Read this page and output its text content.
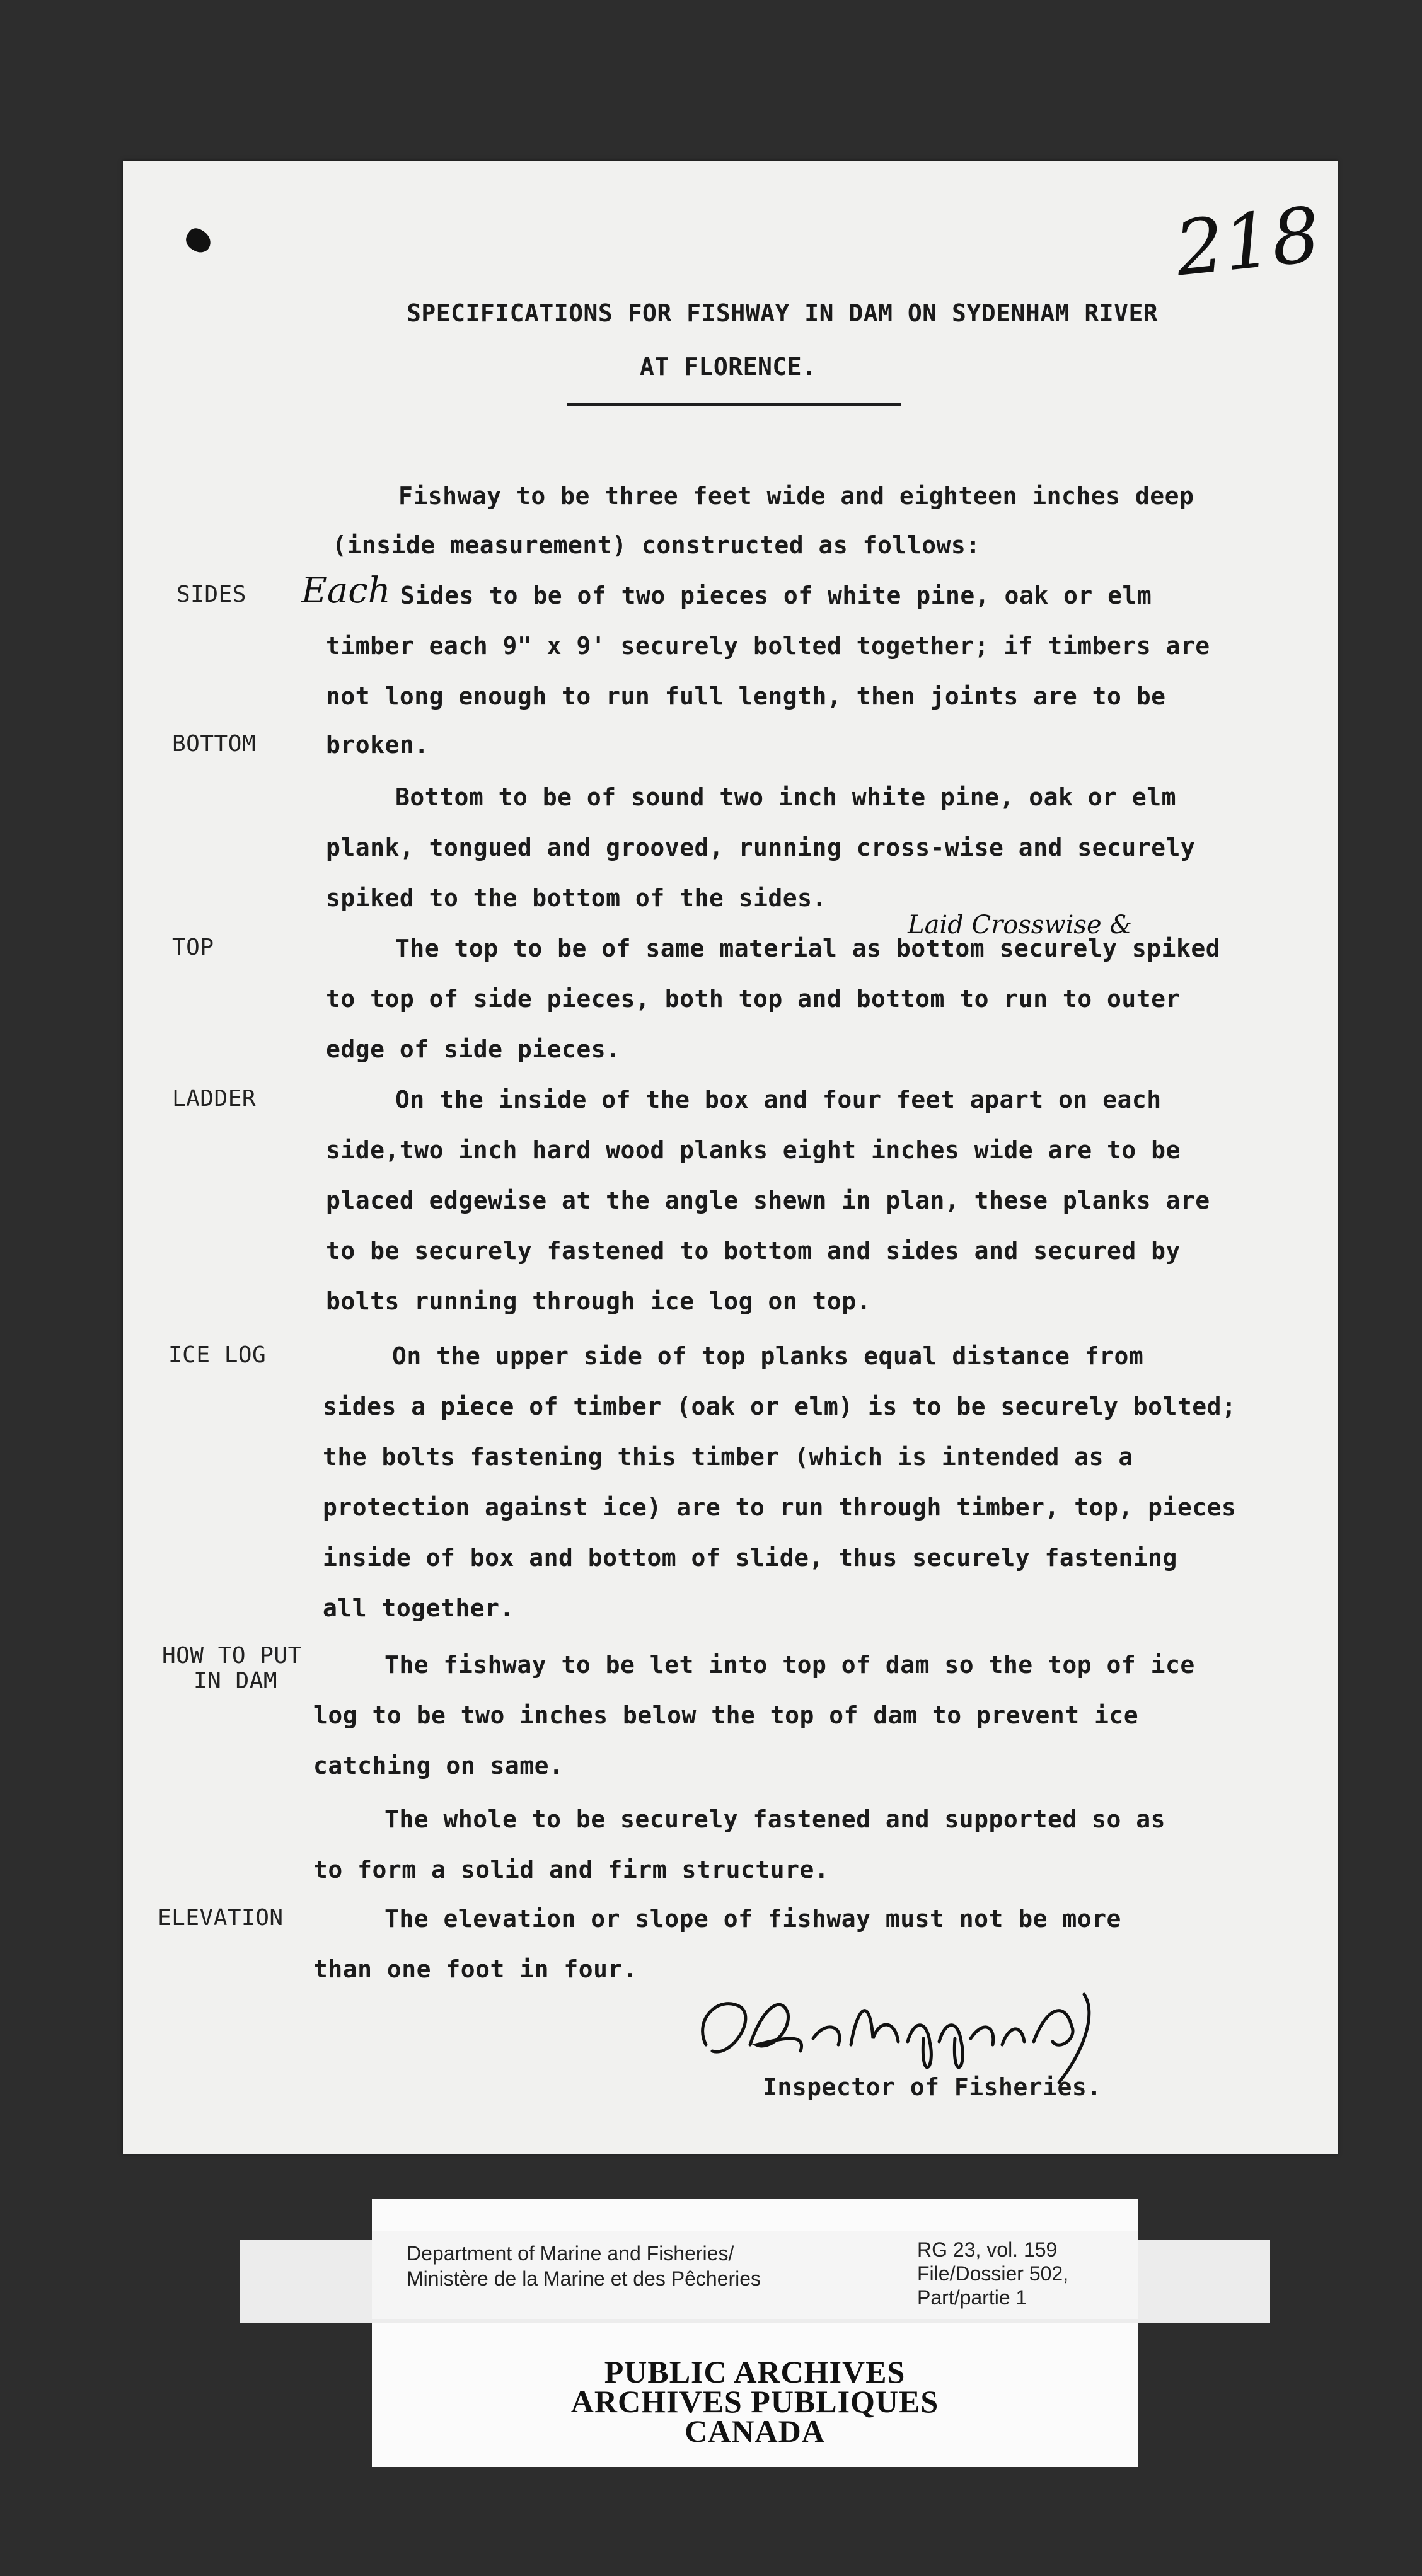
218
SPECIFICATIONS FOR FISHWAY IN DAM ON SYDENHAM RIVER
AT FLORENCE.
Fishway to be three feet wide and eighteen inches deep
(inside measurement) constructed as follows:
SIDES Each Sides to be of two pieces of white pine, oak or elm
timber each 9" x 9' securely bolted together; if timbers are
not long enough to run full length, then joints are to be
BOTTOM	broken.
Bottom to be of sound two inch white pine, oak or elm
plank, tongued and grooved, running cross-wise and securely
spiked to the bottom of the sides.
Laid Crosswise &
TOP	The top to be of same material as bottom securely spiked
to top of side pieces, both top and bottom to run to outer
edge of side pieces.
LADDER	On the inside of the box and four feet apart on each
side,two inch hard wood planks eight inches wide are to be
placed edgewise at the angle shewn in plan, these planks are
to be securely fastened to bottom and sides and secured by
bolts running through ice log on top.
ICE LOG	On the upper side of top planks equal distance from
sides a piece of timber (oak or elm) is to be securely bolted;
the bolts fastening this timber (which is intended as a
protection against ice) are to run through timber, top, pieces
inside of box and bottom of slide, thus securely fastening
all together.
HOW TO PUT
IN DAM
The fishway to be let into top of dam so the top of ice
log to be two inches below the top of dam to prevent ice
catching on same.
The whole to be securely fastened and supported so as
to form a solid and firm structure.
ELEVATION	The elevation or slope of fishway must not be more
than one foot in four.
Inspector of Fisheries.
Department of Marine and Fisheries/
Ministère de la Marine et des Pêcheries
RG 23, vol. 159
File/Dossier 502,
Part/partie 1
PUBLIC ARCHIVES
ARCHIVES PUBLIQUES
CANADA
